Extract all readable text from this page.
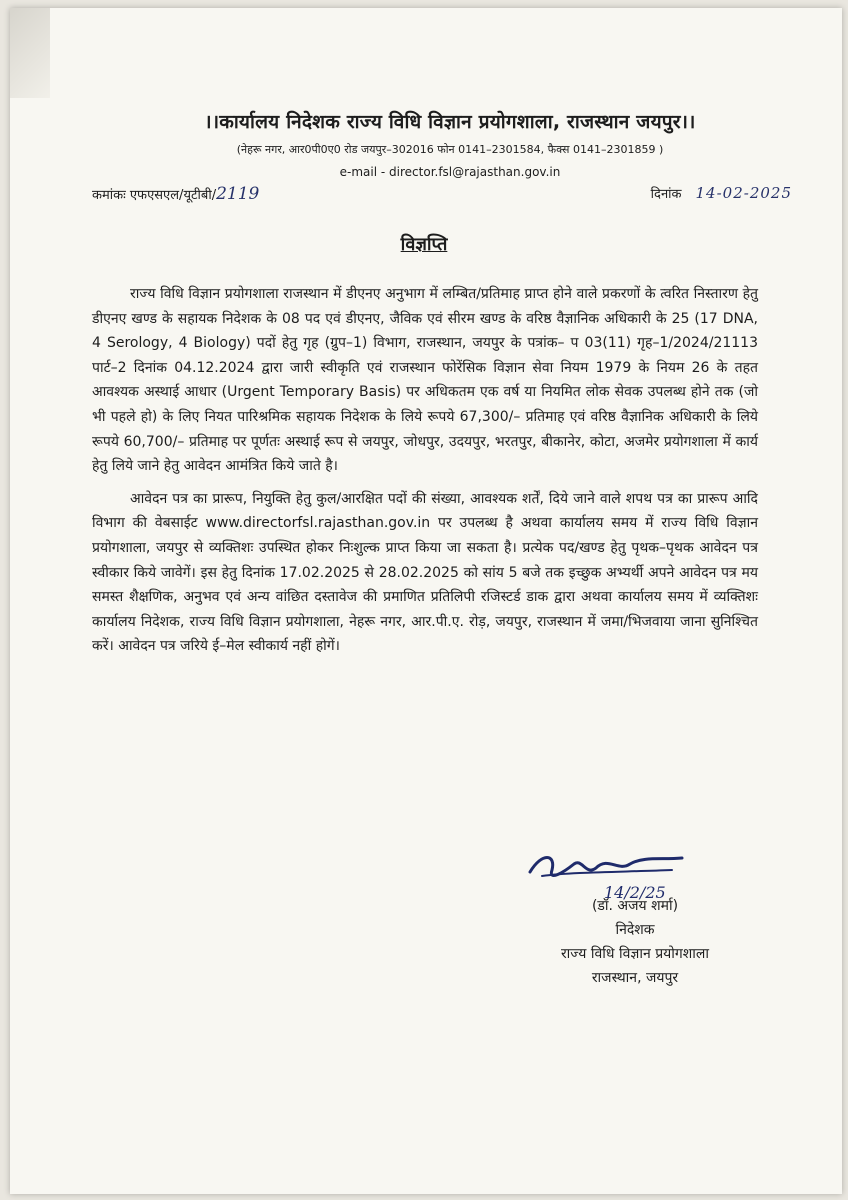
।।कार्यालय निदेशक राज्य विधि विज्ञान प्रयोगशाला, राजस्थान जयपुर।।
(नेहरू नगर, आर0पी0ए0 रोड जयपुर–302016 फोन 0141–2301584, फैक्स 0141–2301859 )
e-mail - director.fsl@rajasthan.gov.in
कमांकः एफएसएल/यूटीबी/2119	दिनांक 14-02-2025
विज्ञप्ति

राज्य विधि विज्ञान प्रयोगशाला राजस्थान में डीएनए अनुभाग में लम्बित/प्रतिमाह प्राप्त होने वाले प्रकरणों के त्वरित निस्तारण हेतु डीएनए खण्ड के सहायक निदेशक के 08 पद एवं डीएनए, जैविक एवं सीरम खण्ड के वरिष्ठ वैज्ञानिक अधिकारी के 25 (17 DNA, 4 Serology, 4 Biology) पदों हेतु गृह (ग्रुप–1) विभाग, राजस्थान, जयपुर के पत्रांक– प 03(11) गृह–1/2024/21113 पार्ट–2 दिनांक 04.12.2024 द्वारा जारी स्वीकृति एवं राजस्थान फोरेंसिक विज्ञान सेवा नियम 1979 के नियम 26 के तहत आवश्यक अस्थाई आधार (Urgent Temporary Basis) पर अधिकतम एक वर्ष या नियमित लोक सेवक उपलब्ध होने तक (जो भी पहले हो) के लिए नियत पारिश्रमिक सहायक निदेशक के लिये रूपये 67,300/– प्रतिमाह एवं वरिष्ठ वैज्ञानिक अधिकारी के लिये रूपये 60,700/– प्रतिमाह पर पूर्णतः अस्थाई रूप से जयपुर, जोधपुर, उदयपुर, भरतपुर, बीकानेर, कोटा, अजमेर प्रयोगशाला में कार्य हेतु लिये जाने हेतु आवेदन आमंत्रित किये जाते है।

आवेदन पत्र का प्रारूप, नियुक्ति हेतु कुल/आरक्षित पदों की संख्या, आवश्यक शर्तें, दिये जाने वाले शपथ पत्र का प्रारूप आदि विभाग की वेबसाईट www.directorfsl.rajasthan.gov.in पर उपलब्ध है अथवा कार्यालय समय में राज्य विधि विज्ञान प्रयोगशाला, जयपुर से व्यक्तिशः उपस्थित होकर निःशुल्क प्राप्त किया जा सकता है। प्रत्येक पद/खण्ड हेतु पृथक–पृथक आवेदन पत्र स्वीकार किये जावेगें। इस हेतु दिनांक 17.02.2025 से 28.02.2025 को सांय 5 बजे तक इच्छुक अभ्यर्थी अपने आवेदन पत्र मय समस्त शैक्षणिक, अनुभव एवं अन्य वांछित दस्तावेज की प्रमाणित प्रतिलिपी रजिस्टर्ड डाक द्वारा अथवा कार्यालय समय में व्यक्तिशः कार्यालय निदेशक, राज्य विधि विज्ञान प्रयोगशाला, नेहरू नगर, आर.पी.ए. रोड़, जयपुर, राजस्थान में जमा/भिजवाया जाना सुनिश्चित करें। आवेदन पत्र जरिये ई–मेल स्वीकार्य नहीं होगें।

14/2/25
(डॉ. अजय शर्मा)
निदेशक
राज्य विधि विज्ञान प्रयोगशाला
राजस्थान, जयपुर
